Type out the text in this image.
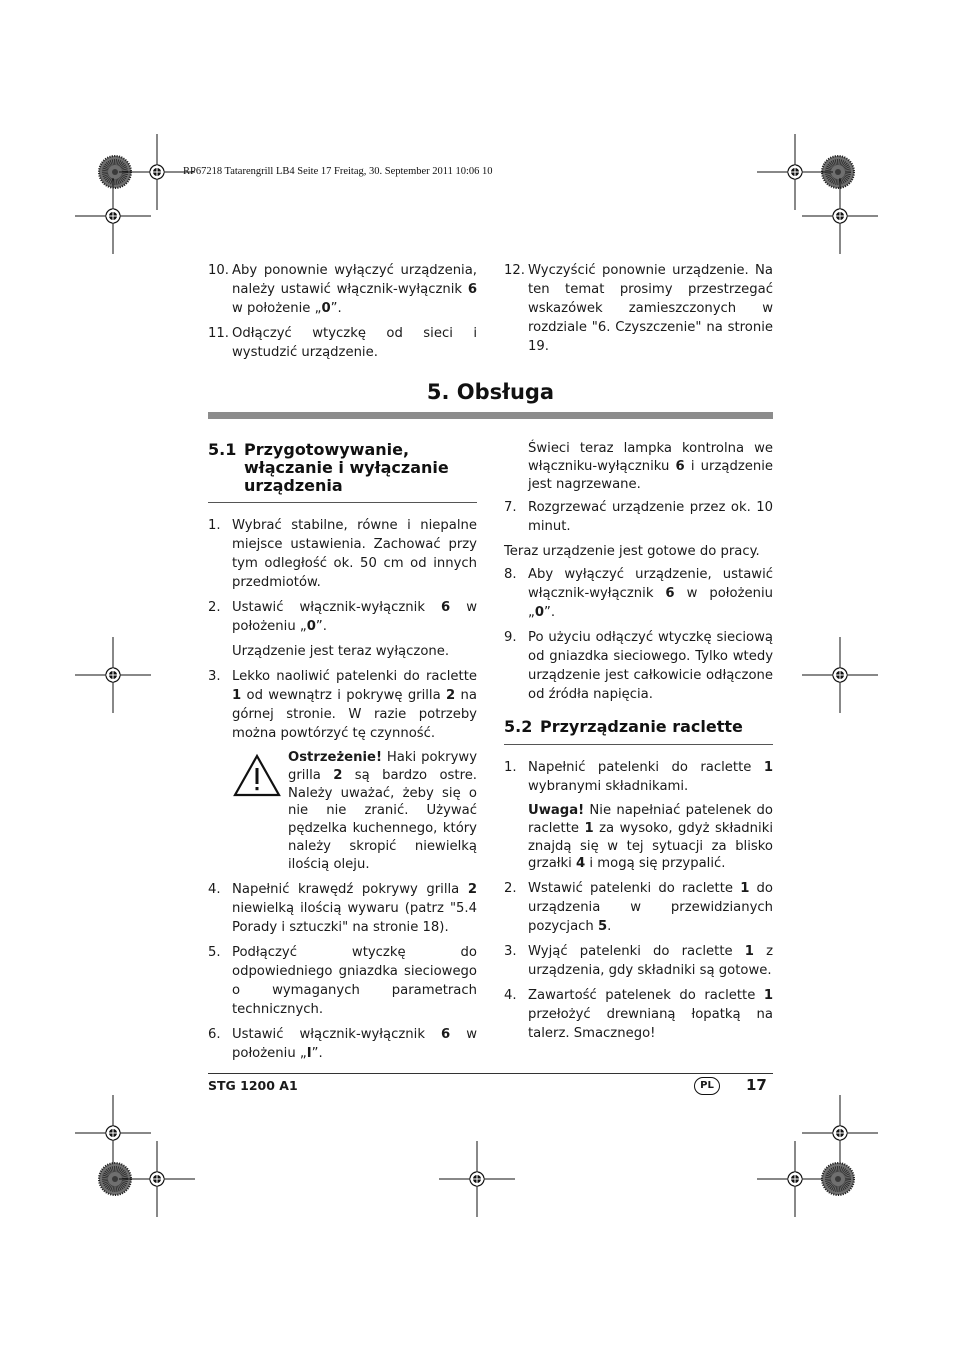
RP67218 Tatarengrill LB4 Seite 17 Freitag, 30. September 2011 10:06 10
10. Aby ponownie wyłączyć urządzenia, należy ustawić włącznik-wyłącznik 6 w położenie „0”.
11. Odłączyć wtyczkę od sieci i wystudzić urządzenie.
12. Wyczyścić ponownie urządzenie. Na ten temat prosimy przestrzegać wskazówek zamieszczonych w rozdziale "6. Czyszczenie" na stronie 19.
5. Obsługa
5.1 Przygotowywanie, włączanie i wyłączanie urządzenia
1. Wybrać stabilne, równe i niepalne miejsce ustawienia. Zachować przy tym odległość ok. 50 cm od innych przedmiotów.
2. Ustawić włącznik-wyłącznik 6 w położeniu „0”.
Urządzenie jest teraz wyłączone.
3. Lekko naoliwić patelenki do raclette 1 od wewnątrz i pokrywę grilla 2 na górnej stronie. W razie potrzeby można powtórzyć tę czynność.
Ostrzeżenie! Haki pokrywy grilla 2 są bardzo ostre. Należy uważać, żeby się o nie nie zranić. Używać pędzelka kuchennego, który należy skropić niewielką ilością oleju.
4. Napełnić krawędź pokrywy grilla 2 niewielką ilością wywaru (patrz "5.4 Porady i sztuczki" na stronie 18).
5. Podłączyć wtyczkę do odpowiedniego gniazdka sieciowego o wymaganych parametrach technicznych.
6. Ustawić włącznik-wyłącznik 6 w położeniu „I”.
Świeci teraz lampka kontrolna we włączniku-wyłączniku 6 i urządzenie jest nagrzewane.
7. Rozgrzewać urządzenie przez ok. 10 minut.
Teraz urządzenie jest gotowe do pracy.
8. Aby wyłączyć urządzenie, ustawić włącznik-wyłącznik 6 w położeniu „0”.
9. Po użyciu odłączyć wtyczkę sieciową od gniazdka sieciowego. Tylko wtedy urządzenie jest całkowicie odłączone od źródła napięcia.
5.2 Przyrządzanie raclette
1. Napełnić patelenki do raclette 1 wybranymi składnikami.
Uwaga! Nie napełniać patelenek do raclette 1 za wysoko, gdyż składniki znajdą się w tej sytuacji za blisko grzałki 4 i mogą się przypalić.
2. Wstawić patelenki do raclette 1 do urządzenia w przewidzianych pozycjach 5.
3. Wyjąć patelenki do raclette 1 z urządzenia, gdy składniki są gotowe.
4. Zawartość patelenek do raclette 1 przełożyć drewnianą łopatką na talerz. Smacznego!
STG 1200 A1	PL	17
